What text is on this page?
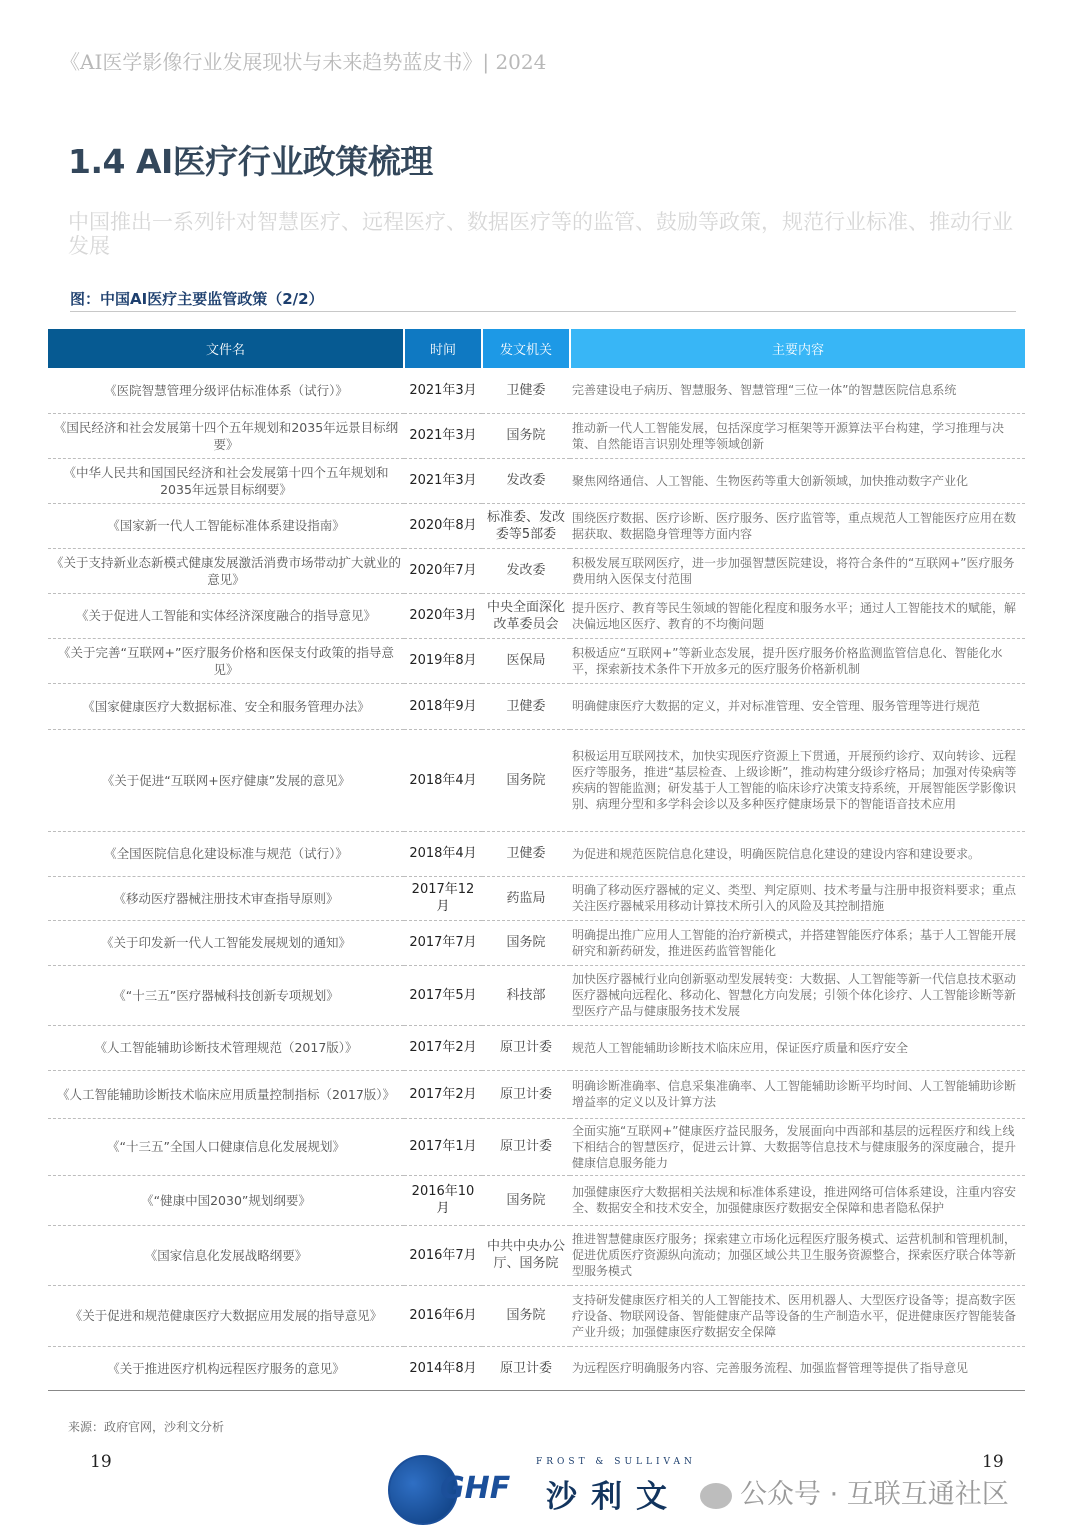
《AI医学影像行业发展现状与未来趋势蓝皮书》| 2024
1.4 AI医疗行业政策梳理
中国推出一系列针对智慧医疗、远程医疗、数据医疗等的监管、鼓励等政策，规范行业标准、推动行业发展
图：中国AI医疗主要监管政策（2/2）
文件名	时间	发文机关	主要内容
《医院智慧管理分级评估标准体系（试行）》	2021年3月	卫健委	完善建设电子病历、智慧服务、智慧管理“三位一体”的智慧医院信息系统
《国民经济和社会发展第十四个五年规划和2035年远景目标纲要》	2021年3月	国务院	推动新一代人工智能发展，包括深度学习框架等开源算法平台构建，学习推理与决策、自然能语言识别处理等领域创新
《中华人民共和国国民经济和社会发展第十四个五年规划和2035年远景目标纲要》	2021年3月	发改委	聚焦网络通信、人工智能、生物医药等重大创新领域，加快推动数字产业化
《国家新一代人工智能标准体系建设指南》	2020年8月	标准委、发改委等5部委	围绕医疗数据、医疗诊断、医疗服务、医疗监管等，重点规范人工智能医疗应用在数据获取、数据隐身管理等方面内容
《关于支持新业态新模式健康发展激活消费市场带动扩大就业的意见》	2020年7月	发改委	积极发展互联网医疗，进一步加强智慧医院建设，将符合条件的“互联网+”医疗服务费用纳入医保支付范围
《关于促进人工智能和实体经济深度融合的指导意见》	2020年3月	中央全面深化改革委员会	提升医疗、教育等民生领域的智能化程度和服务水平；通过人工智能技术的赋能，解决偏远地区医疗、教育的不均衡问题
《关于完善“互联网+”医疗服务价格和医保支付政策的指导意见》	2019年8月	医保局	积极适应“互联网+”等新业态发展，提升医疗服务价格监测监管信息化、智能化水平，探索新技术条件下开放多元的医疗服务价格新机制
《国家健康医疗大数据标准、安全和服务管理办法》	2018年9月	卫健委	明确健康医疗大数据的定义，并对标准管理、安全管理、服务管理等进行规范
《关于促进“互联网+医疗健康”发展的意见》	2018年4月	国务院	积极运用互联网技术，加快实现医疗资源上下贯通，开展预约诊疗、双向转诊、远程医疗等服务，推进“基层检查、上级诊断”，推动构建分级诊疗格局；加强对传染病等疾病的智能监测；研发基于人工智能的临床诊疗决策支持系统，开展智能医学影像识别、病理分型和多学科会诊以及多种医疗健康场景下的智能语音技术应用
《全国医院信息化建设标准与规范（试行）》	2018年4月	卫健委	为促进和规范医院信息化建设，明确医院信息化建设的建设内容和建设要求。
《移动医疗器械注册技术审查指导原则》	2017年12月	药监局	明确了移动医疗器械的定义、类型、判定原则、技术考量与注册申报资料要求；重点关注医疗器械采用移动计算技术所引入的风险及其控制措施
《关于印发新一代人工智能发展规划的通知》	2017年7月	国务院	明确提出推广应用人工智能的治疗新模式，并搭建智能医疗体系；基于人工智能开展研究和新药研发，推进医药监管智能化
《“十三五”医疗器械科技创新专项规划》	2017年5月	科技部	加快医疗器械行业向创新驱动型发展转变：大数据、人工智能等新一代信息技术驱动医疗器械向远程化、移动化、智慧化方向发展；引领个体化诊疗、人工智能诊断等新型医疗产品与健康服务技术发展
《人工智能辅助诊断技术管理规范（2017版）》	2017年2月	原卫计委	规范人工智能辅助诊断技术临床应用，保证医疗质量和医疗安全
《人工智能辅助诊断技术临床应用质量控制指标（2017版）》	2017年2月	原卫计委	明确诊断准确率、信息采集准确率、人工智能辅助诊断平均时间、人工智能辅助诊断增益率的定义以及计算方法
《“十三五”全国人口健康信息化发展规划》	2017年1月	原卫计委	全面实施“互联网+”健康医疗益民服务，发展面向中西部和基层的远程医疗和线上线下相结合的智慧医疗，促进云计算、大数据等信息技术与健康服务的深度融合，提升健康信息服务能力
《“健康中国2030”规划纲要》	2016年10月	国务院	加强健康医疗大数据相关法规和标准体系建设，推进网络可信体系建设，注重内容安全、数据安全和技术安全，加强健康医疗数据安全保障和患者隐私保护
《国家信息化发展战略纲要》	2016年7月	中共中央办公厅、国务院	推进智慧健康医疗服务；探索建立市场化远程医疗服务模式、运营机制和管理机制，促进优质医疗资源纵向流动；加强区域公共卫生服务资源整合，探索医疗联合体等新型服务模式
《关于促进和规范健康医疗大数据应用发展的指导意见》	2016年6月	国务院	支持研发健康医疗相关的人工智能技术、医用机器人、大型医疗设备等；提高数字医疗设备、物联网设备、智能健康产品等设备的生产制造水平，促进健康医疗智能装备产业升级；加强健康医疗数据安全保障
《关于推进医疗机构远程医疗服务的意见》	2014年8月	原卫计委	为远程医疗明确服务内容、完善服务流程、加强监督管理等提供了指导意见
来源：政府官网，沙利文分析
19	19
GHF
FROST & SULLIVAN
沙利文	公众号 · 互联互通社区
